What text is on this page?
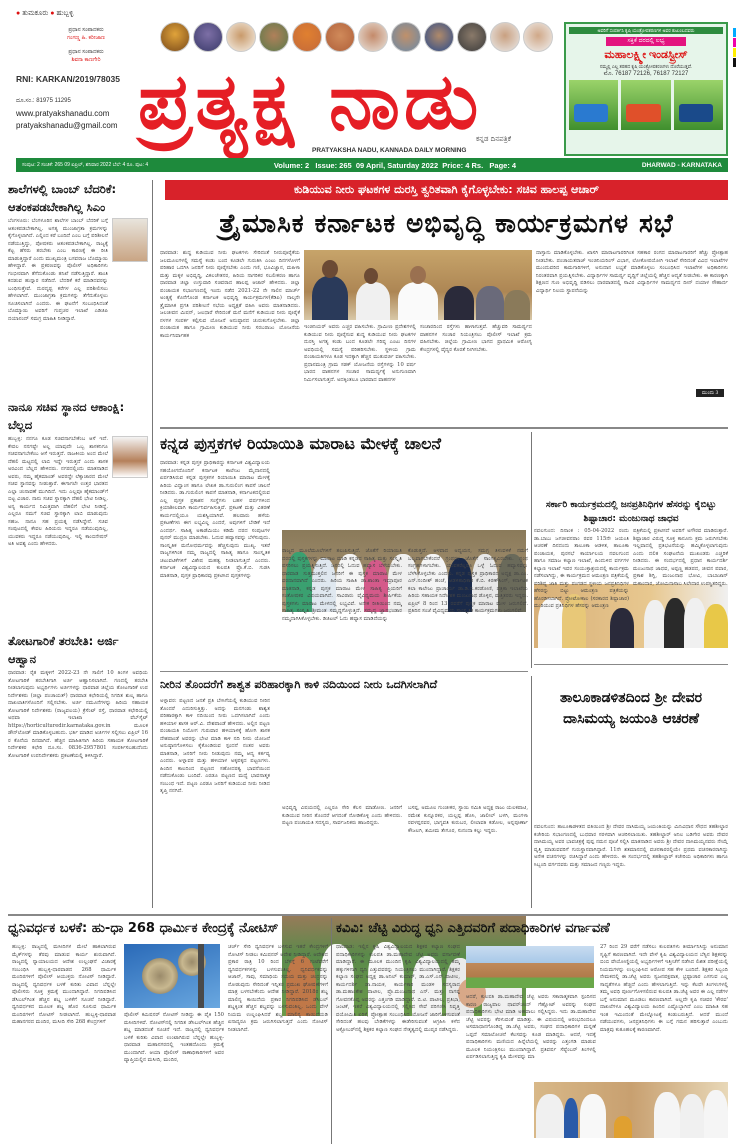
● ತುಮಕೂರು ● ಹುಬ್ಬಳ್ಳಿ
ಪ್ರಧಾನ ಸಂಪಾದಕರು
ಗಂಗಣ್ಣ ಹಿ. ಕರೀಜಾಣ
ಪ್ರಧಾನ ಸಂಪಾದಕರು
ಶಿವನಾ ಕಾಣಗೇರಿ
RNI: KARKAN/2019/78035
ದೂ.ಸಂ.: 81975 11295
www.pratyakshanadu.com
pratyakshanadu@gmail.com ಪ್ರತ್ಯಕ್ಷ ನಾಡು
ಕನ್ನಡ ದಿನಪತ್ರಿಕೆ
PRATYAKSHA NADU, KANNADA DAILY MORNING
ಅವರಿಗೆ ಸಂಪರ್ಕಿಸಿ ಕೃಷಿ ಯಂತ್ರೋಪಕರಣಗಳ ಅವರ ಕುಟುಂಬದವರು
ಸಕ್ತಿಕೆ ದರದಲ್ಲಿ ಲಭ್ಯ
ಮಹಾಲಕ್ಷ್ಮೀ ಇಂಡಸ್ಟ್ರೀಸ್
ನಮ್ಮಲ್ಲಿ ಎಲ್ಲ ತರಹದ ಕೃಷಿ ಯಂತ್ರೋಪಕರಣಗಳು ದೊರೆಯುತ್ತವೆ.
ಮೊ. 76187 72126, 76187 72127
ಸಂಪುಟ: 2 ಸಂಚಿಕೆ: 265 09 ಏಪ್ರಿಲ್, ಶನಿವಾರ 2022 ಬೆಲೆ: 4 ರೂ. ಪುಟ: 4	Volume: 2 Issue: 265 09 April, Saturday 2022 Price: 4 Rs. Page: 4	DHARWAD - KARNATAKA
ಶಾಲೆಗಳಲ್ಲಿ ಬಾಂಬ್ ಬೆದರಿಕೆ: ಆತಂಕಪಡಬೇಕಾಗಿಲ್ಲ ಸಿಎಂ
ಬೆಂಗಳೂರು: ಬೆಂಗಳೂರಿನ ಶಾಲೆಗಳ ಬಾಂಬ್ ಬೆದರಿಕೆ ಬಗ್ಗೆ ಆತಂಕಪಡಬೇಕಾಗಿಲ್ಲ. ಅಗತ್ಯ ಮುಂಜಾಗ್ರತಾ ಕ್ರಮಗಳನ್ನು ಕೈಗೊಳ್ಳಲಾಗಿದೆ. ಎಲ್ಲಿಂದ ಕರೆ ಬಂದಿದೆ ಎಂಬ ಬಗ್ಗೆ ಪರಿಶೀಲನೆ ನಡೆಯುತ್ತಿದ್ದು, ಪೋಷಕರು ಆತಂಕಪಡಬೇಕಾಗಿಲ್ಲ. ರಾಜ್ಯಕ್ಕೆ ಕೆಟ್ಟ ಹೆಸರು ತರಬೇಕು ಎಂಬ ಕಾರಣಕ್ಕೆ ಈ ರೀತಿ ಮಾಡುತ್ತಿದ್ದಾರೆ ಎಂದು ಮುಖ್ಯಮಂತ್ರಿ ಬಸವರಾಜ ಬೊಮ್ಮಾಯಿ ಹೇಳಿದ್ದಾರೆ. ಈ ಪ್ರಕರಣವನ್ನು ಪೊಲೀಸ್ ಅಧಿಕಾರಿಗಳು ಗಂಭೀರವಾಗಿ ತೆಗೆದುಕೊಂಡು ತನಿಖೆ ನಡೆಸುತ್ತಿದ್ದಾರೆ. ಶಾಂತಿ ಕದಡುವ ಹುನ್ನಾರ ನಡೆದಿದೆ. ಬೆದರಿಕೆ ಕರೆ ಮಾಡಿದವರನ್ನು ಬಂಧಿಸುತ್ತೇವೆ. ದುರದೃಷ್ಟ ಕರೆಗಳ ಎಲ್ಲ ಪರಿಶೀಲಿಸಲು ಹೇಳಲಾಗಿದೆ. ಮುಂಜಾಗ್ರತಾ ಕ್ರಮಗಳನ್ನು ತೆಗೆದುಕೊಳ್ಳಲು ಸೂಚಿಸಲಾಗಿದೆ ಎಂದರು. ಈ ಘಟನೆಗೆ ಸಂಬಂಧಿಸಿದಂತೆ ಬೊಮ್ಮಾಯಿ ಅವರಿಗೆ ಗುಪ್ತಚರ ಇಲಾಖೆ ಎಡಿಜಿಪಿ ದಯಾನಂದ್ ಸಮಗ್ರ ಮಾಹಿತಿ ನೀಡಿದ್ದಾರೆ.
ನಾನೂ ಸಚಿವ ಸ್ಥಾನದ ಆಕಾಂಕ್ಷಿ: ಬೆಲ್ಲದ
ಹುಬ್ಬಳ್ಳಿ: ನನಗೂ ಕೂಡ ಸಚಿವನಾಗಬೇಕೆಂಬ ಆಸೆ ಇದೆ. ಕೇವಲ ನನಗಷ್ಟೇ ಅಲ್ಲ ಯಾವುದೇ ಒಬ್ಬ ಶಾಸಕನಿಗೂ ಸಚಿವನಾಗಬೇಕೆಂಬ ಆಸೆ ಇರುತ್ತದೆ. ರಾಜಕೀಯ ಅಂದ ಮೇಲೆ ದೆಹಲಿ ಮಟ್ಟದಲ್ಲಿ ಲಾಬಿ ಇದ್ದೇ ಇರುತ್ತದೆ ಎಂದು ಶಾಸಕ ಅರವಿಂದ ಬೆಲ್ಲದ ಹೇಳಿದರು. ನಗರದಲ್ಲಿಂದು ಮಾತನಾಡಿದ ಅವರು, ನಮ್ಮ ಹೈಕಮಾಂಡ್ ಅವರದ್ದೇ ಲೆಕ್ಕಾಚಾರದ ಮೇಲೆ ಸಚಿವ ಸ್ಥಾನವನ್ನು ನೀಡುತ್ತಾರೆ. ಈಗಾಗಲೇ ಉತ್ತರ ಭಾರತದ ಎಲ್ಲಾ ಚುನಾವಣೆ ಮುಗಿದಿದೆ. ಇದು ಎಲ್ಲವೂ ಹೈಕಮಾಂಡ್‌ಗೆ ಬಿಟ್ಟ ವಿಚಾರ. ನಾನು ಸಚಿವ ಸ್ಥಾನಕ್ಕಾಗಿ ದೆಹಲಿ ಭೇಟಿ ನೀಡಿಲ್ಲ. ಅನ್ಯ ಕಾರ್ಯದ ನಿಮಿತ್ತವಾಗಿ ದೆಹಲಿಗೆ ಭೇಟಿ ನೀಡಿದ್ದೆ. ಎಲ್ಲರೂ ನಮಗೆ ಸಚಿವ ಸ್ಥಾನಕ್ಕಾಗಿ ಲಾಬಿ ಮಾಡುವುದು ಸಹಜ. ನಾನೂ ಸಹ ಪ್ರಯತ್ನ ನಡೆಸಿದ್ದೇನೆ. ಸಚಿವ ಸಂಪುಟದಲ್ಲಿ ಕೇವಲ ಹಿರಿಯರು ಇದ್ದರೂ ನಡೆಯುವುದಿಲ್ಲ, ಯುವಕರು ಇದ್ದರೂ ನಡೆಯುವುದಿಲ್ಲ. ಇಲ್ಲಿ ಕಾಂಬಿನೇಷನ್ ಅತಿ ಅವಶ್ಯ ಎಂದು ಹೇಳಿದರು.
ತೋಟಗಾರಿಕೆ ತರಬೇತಿ: ಅರ್ಜಿ ಆಹ್ವಾನ
ಧಾರವಾಡ: ರೈತ ಮಕ್ಕಳಿಗೆ 2022-23 ನೇ ಸಾಲಿಗೆ 10 ತಿಂಗಳ ಅವಧಿಯ ತೋಟಗಾರಿಕೆ ತರಬೇತಿಗಾಗಿ ಅರ್ಜಿ ಆಹ್ವಾನಿಸಲಾಗಿದೆ. ಗಣದಲ್ಲಿ ತರಬೇತಿ ನೀಡಲಾಗುವುದು ಅಭ್ಯರ್ಥಿಗಳು ಅರ್ಜಿಗಳನ್ನು ಧಾರವಾಡ ಜಿಲ್ಲೆಯ ತೋಟಗಾರಿಕೆ ಉಪ ನಿರ್ದೇಶಕರು (ಜಿಲ್ಲಾ ಪಂಚಾಯತ್) ಧಾರವಾಡ ಕಛೇರಿಯಲ್ಲಿ ನಿಗದಿತ ಶುಲ್ಕ ಹಾಗೂ ದಾಖಲಾತಿಗಳೊಂದಿಗೆ ಸಲ್ಲಿಸಬೇಕು. ಅರ್ಜಿ ನಮೂನೆಗಳನ್ನು ಹಿರಿಯ ಸಹಾಯಕ ತೋಟಗಾರಿಕೆ ನಿರ್ದೇಶಕರು (ರಾಜ್ಯವಲಯ) ಕ್ರೆಸೆಂಟ್ ರಸ್ತೆ, ಧಾರವಾಡ ಕಛೇರಿಯಲ್ಲಿ ಅಥವಾ ಇಲಾಖಾ ವೆಬ್‌ಸೈಟ್ https://horticulturedir.karnataka.gov.in ಮೂಲಕ ಡೌನ್‌ಲೋಡ್ ಮಾಡಿಕೊಳ್ಳಬಹುದು. ಭರ್ತಿ ಮಾಡಿದ ಅರ್ಜಿಗಳ ಸಲ್ಲಿಸಲು ಏಪ್ರಿಲ್ 16 ರ ಕೊನೆಯ ದಿನವಾಗಿದೆ. ಹೆಚ್ಚಿನ ಮಾಹಿತಿಗಾಗಿ ಹಿರಿಯ ಸಹಾಯಕ ತೋಟಗಾರಿಕೆ ನಿರ್ದೇಶಕರ ಕಛೇರಿ ದೂ.ಸಂ. 0836-2957801 ಸಂಪರ್ಕಿಸಬಹುದೆಂದು ತೋಟಗಾರಿಕೆ ಉಪನಿರ್ದೇಶಕರು ಪ್ರಕಟಣೆಯಲ್ಲಿ ತಿಳಿಸಿದ್ದಾರೆ.
ಕುಡಿಯುವ ನೀರು ಘಟಕಗಳ ದುರಸ್ತಿ ತ್ವರಿತವಾಗಿ ಕೈಗೊಳ್ಳಬೇಕು: ಸಚಿವ ಹಾಲಪ್ಪ ಆಚಾರ್
ತ್ರೈಮಾಸಿಕ ಕರ್ನಾಟಕ ಅಭಿವೃದ್ಧಿ ಕಾರ್ಯಕ್ರಮಗಳ ಸಭೆ
ಧಾರವಾಡ: ಶುದ್ಧ ಕುಡಿಯುವ ನೀರು ಘಟಕಗಳು ಸೇರಿದಂತೆ ನೀರುಪೂರೈಕೆಯ ಜಲಮೂಲಗಳಲ್ಲಿ ಸಮಸ್ಯೆ ಕಂಡು ಬಂದ ಕೂಡಲೇ ಗುರುತಿಸಿ ಎಂಟು ದಿನಗಳೊಳಗೆ ಪರಿಹಾರ ಒದಗಿಸಿ ಜನರಿಗೆ ನೀರು ಪೂರೈಸಬೇಕು ಎಂದು ಗಣಿ, ಭೂವಿಜ್ಞಾನ, ಮಹಿಳಾ ಮತ್ತು ಮಕ್ಕಳ ಅಭಿವೃದ್ಧಿ, ವಿಕಲಚೇತನರ, ಹಿರಿಯ ನಾಗರಿಕರ ಸಬಲೀಕರಣ ಹಾಗೂ ಧಾರವಾಡ ಜಿಲ್ಲಾ ಉಸ್ತುವಾರಿ ಸಚಿವರಾದ ಹಾಲಪ್ಪ ಆಚಾರ್ ಹೇಳಿದರು. ಜಿಲ್ಲಾ ಪಂಚಾಯತ ಸಭಾಂಗಣದಲ್ಲಿ ಇಂದು ನಡೆದ 2021-22 ನೇ ಸಾಲಿನ ಮಾರ್ಚ್ ಅಂತ್ಯಕ್ಕೆ ಕೊನೆಗೊಂಡ ಕರ್ನಾಟಕ ಅಭಿವೃದ್ಧಿ ಕಾರ್ಯಕ್ರಮಗಳ(ಕೆಡಿಪಿ) ನಾಲ್ಕನೇ ತ್ರೈಮಾಸಿಕ ಪ್ರಗತಿ ಪರಿಶೀಲನೆ ಸಭೆಯ ಅಧ್ಯಕ್ಷತೆ ವಹಿಸಿ ಅವರು ಮಾತನಾಡಿದರು. ಜಲಜೀವನ ಮಿಷನ್, ಜಲಧಾರೆ ಸೇರಿದಂತೆ ಮನೆ ಮನೆಗೆ ಕುಡಿಯುವ ನೀರು ಪೂರೈಕೆ ನಳಗಳ ಸಂಪರ್ಕ ಕಲ್ಪಿಸುವ ಯೋಜನೆ ಅನುಷ್ಠಾನದ ಚುರುಕುಗೊಳ್ಳಬೇಕು. ಜಿಲ್ಲಾ ಪಂಚಾಯತ ಹಾಗೂ ಗ್ರಾಮೀಣ ಕುಡಿಯುವ ನೀರು ಸರಬರಾಜು ಯೋಜನೆಯ ಕಾರ್ಯನಿರ್ವಾಹಕ
ಇಂಜಿನಿಯರ್ ಅವರು ಎಚ್ಚರ ವಹಿಸಬೇಕು. ಗ್ರಾಮೀಣ ಪ್ರದೇಶಗಳಲ್ಲಿ ಕುಡಿಯುವ ನೀರು ಪೂರೈಸುವ ಶುದ್ಧ ಕುಡಿಯುವ ನೀರು ಘಟಕಗಳ ದುರಸ್ತಿ ಅಗತ್ಯ ಕಂಡು ಬಂದ ಕೂಡಲೇ ಗರಿಷ್ಠ ಎಂಟು ದಿನಗಳ ಅವಧಿಯಲ್ಲಿ ಸಮಸ್ಯೆ ಪರಿಹರಿಸಬೇಕು. ಸ್ಥಳೀಯ ಗ್ರಾಮ ಪಂಚಾಯತಿಗಳೂ ಕೂಡ ಇದಕ್ಕಾಗಿ ಹೆಚ್ಚಿನ ಮುತುವರ್ಜಿ ವಹಿಸಬೇಕು. ಪ್ರಧಾನಮಂತ್ರಿ ಗ್ರಾಮ ಸಡಕ್ ಯೋಜನೆಯ ರಸ್ತೆಗಳನ್ನು 10 ವರ್ಷ ಭಾರದ ವಾಹನಗಳ ಸಂಚಾರ ಸಾಮರ್ಥ್ಯಕ್ಕೆ ಅನುಗುಣವಾಗಿ ನಿರ್ಮಿಸಲಾಗುತ್ತದೆ. ಅದಕ್ಕಿಂತಲೂ ಭಾರವಾದ ವಾಹನಗಳ
ಸಂಚಾರದಿಂದ ರಸ್ತೆಗಳು ಹಾಳಾಗುತ್ತವೆ. ಹೆಚ್ಚುವರಿ ಸಾಮರ್ಥ್ಯದ ವಾಹನಗಳ ಸಂಚಾರ ನಿಯಂತ್ರಿಸಲು ಪೊಲೀಸ್ ಇಲಾಖೆ ಕ್ರಮ ವಹಿಸಬೇಕು. ಜಿಲ್ಲೆಯ ಗ್ರಾಮೀಣ ಭಾಗದ ಪ್ರಾಥಮಿಕ ಆರೋಗ್ಯ ಕೇಂದ್ರಗಳಲ್ಲಿ ವೈದ್ಯರ ಕೊರತೆ ನೀಗಿಸಬೇಕು.
ದಾಸ್ತಾನು ಮಾಡಿಕೊಳ್ಳಬೇಕು. ಖಾಸಗಿ ಮಾರಾಟಗಾರರಿಗಿಂತ ಸಹಕಾರ ರಂಗದ ಮಾರಾಟಗಾರರಿಗೆ ಹೆಚ್ಚು ಪ್ರೋತ್ಸಾಹ ನೀಡಬೇಕು. ಪಂಚಾಯತರಾಜ್ ಇಂಜಿನಿಯರಿಂಗ್ ವಿಭಾಗ, ಲೋಕೋಪಯೋಗಿ ಇಲಾಖೆ ಸೇರಿದಂತೆ ವಿವಿಧ ಇಲಾಖೆಗಳ ಮುಂದುವರಿದ ಕಾಮಗಾರಿಗಳಿಗೆ, ಅನುದಾನ ಲಭ್ಯತೆ ಮಾಡಿಕೊಳ್ಳಲು ಸಂಬಂಧಿಸಿದ ಇಲಾಖೆಗಳ ಅಧಿಕಾರಿಗಳು ನಿರಂತರವಾಗಿ ಪ್ರಯತ್ನಿಸಬೇಕು. ವಿದ್ಯಾರ್ಥಿಗಳ ಸಾಮರ್ಥ್ಯ ವೃದ್ಧಿಗೆ ಜಿಲ್ಲೆಯಲ್ಲಿ ಹೆಚ್ಚಿನ ಆದ್ಯತೆ ನೀಡಬೇಕು. ಈ ಕಾರಣಕ್ಕಾಗಿ ಶಿಕ್ಷಣದ ಗುಣ ಅಭಿವೃದ್ಧಿ ಪಡಿಸಲು ಧಾರವಾಡದಲ್ಲಿ ಸಾವಿರ ವಿದ್ಯಾರ್ಥಿಗಳ ಸಾಮರ್ಥ್ಯದ ದೀನ್ ದಯಾಳ ಸೌಹಾರ್ದ ವಿದ್ಯಾರ್ಥಿ ನಿಲಯ ಸ್ಥಾಪನೆಯನ್ನು
ಮುಂದು 3
ಕನ್ನಡ ಪುಸ್ತಕಗಳ ರಿಯಾಯಿತಿ ಮಾರಾಟ ಮೇಳಕ್ಕೆ ಚಾಲನೆ
ಧಾರವಾಡ: ಕನ್ನಡ ಪುಸ್ತಕ ಪ್ರಾಧಿಕಾರದ್ದು ಕರ್ನಾಟಕ ವಿಶ್ವವಿದ್ಯಾಲಯ ಸಹಯೋಗದೊಂದಿಗೆ ಕರ್ನಾಟಕ ಕಾಲೇಜು ಮೈದಾನದಲ್ಲಿ ಏರ್ಪಡಿಸಿರುವ ಕನ್ನಡ ಪುಸ್ತಕಗಳ ರಿಯಾಯಿತಿ ಮಾರಾಟ ಮೇಳಕ್ಕೆ ಹಿರಿಯ ವಿದ್ವಾಂಸ ಹಾಗೂ ಲೇಖಕ ಡಾ.ಗುರುಲಿಂಗ ಕಾಪಸೆ ಚಾಲನೆ ನೀಡಿದರು. ಡಾ.ಗುರುಲಿಂಗ ಕಾಪಸೆ ಮಾತನಾಡಿ, ಕರ್ನಾಟಕದಲ್ಲಿರುವ ಎಲ್ಲ ಪುಸ್ತಕ ಪ್ರಕಾಶನ ಸಂಸ್ಥೆಗಳು ಬಹಳ ವರ್ಷಗಳಿಂದ ಕ್ರಿಯಾಶೀಲವಾಗಿ ಕಾರ್ಯನಿರ್ವಹಿಸುತ್ತಿವೆ. ಪ್ರಕಟಣೆ ಮತ್ತು ವಿತರಣೆ ಕಾರ್ಯದಲ್ಲಿಯೂ ಯಶಸ್ವಿಯಾಗಿವೆ. ಹಲವಾರು ಹಳೆಯ ಪ್ರಕಟಣೆಗಳು ಈಗ ಲಭ್ಯವಿಲ್ಲ ಎಂದರೆ, ಅವುಗಳಿಗೆ ಬೇಡಿಕೆ ಇದೆ ಎಂದರ್ಥ. ಸಾಹಿತ್ಯ ಅಕಾಡೆಮಿಯು ಕಡಿಮೆ ದರದ ಸಂಪುಟಗಳ ಪುನರ್ ಮುದ್ರಣ ಮಾಡಬೇಕು. ಓದುವ ಹವ್ಯಾಸವನ್ನು ಬೆಳೆಸುವುದು. ಸಾಂಸ್ಕೃತಿಕ ಮನೋಧರ್ಮವನ್ನು ಹೆಚ್ಚಿಸುವುದು ಮುಖ್ಯ. ಇತರೆ ರಾಜ್ಯಗಳಿಗಿಂತ ನಮ್ಮ ರಾಜ್ಯದಲ್ಲಿ ಸಾಹಿತ್ಯ ಹಾಗೂ ಸಾಂಸ್ಕೃತಿಕ ಚಟುವಟಿಕೆಗಳಿಗೆ ವಿಶೇಷ ಮಹತ್ವ ನೀಡಲಾಗುತ್ತಿದೆ ಎಂದರು. ಕರ್ನಾಟಕ ವಿಶ್ವವಿದ್ಯಾಲಯದ ಕುಲಪತಿ ಪ್ರೊ.ಕೆ.ಬಿ. ಗುಡಸಿ ಮಾತನಾಡಿ, ಪುಸ್ತಕ ಪ್ರಾಧಿಕಾರವು ಪ್ರಕಟಿಸಿದ ಪುಸ್ತಕಗಳನ್ನು
ರಾಜ್ಯದ ಮೂಲೆಮೂಲೆಗಳಿಗೆ ತಲುಪಿಸುತ್ತಿದೆ. ಜೊತೆಗೆ ರಿಯಾಯಿತಿ ದರದಲ್ಲಿ ಪುಸ್ತಕಗಳನ್ನು ಮಾರಾಟ ಮಾಡಿ ಕನ್ನಡದ ಸಾಹಿತ್ಯ ಮತ್ತು ಸಂಸ್ಕೃತಿ ಪಸರಿಸಲು ಪ್ರಯತ್ನಿಸುತ್ತಿದೆ. ಜನರಲ್ಲಿ ಓದುವ ಹವ್ಯಾಸ ಬೆಳೆಯಬೇಕು. ಧಾರವಾಡ ಸುತ್ತಮುತ್ತಲಿನ ಜನರಿಗೆ ಈ ಪುಸ್ತಕ ಮಾರಾಟ ಮೇಳ ವರದಾನವಾಗಿದೆ ಎಂದರು. ಹಿರಿಯ ಸಾಹಿತಿ ಡಾ.ಶಾಂತಾ ಇಮ್ರಾಪೂರ ಮಾತನಾಡಿ, ಕನ್ನಡ ಪುಸ್ತಕ ಮಾರಾಟ ಮೇಳ ಸಾಹಿತ್ಯ ಪ್ರಿಯರಿಗೆ ಸಂತೋಷಕರ ವಿಷಯವಾಗಿದೆ. ಸಾವಿರಾರು ವೈವಿಧ್ಯಮಯ ಶೀರ್ಷಿಕೆಯ ಪುಸ್ತಕಗಳು ಮಾರಾಟ ಮೇಳದಲ್ಲಿ ಲಭ್ಯವಿವೆ. ಅನೇಕ ರೀತಿಯಿಂದ ನಮ್ಮ ಸಾಹಿತ್ಯ ಸಂಸ್ಕೃತಿ ಶ್ರೀಮಂತ ಸಮೃದ್ಧಗೊಳ್ಳುತ್ತಿದೆ. ಸಮೃದ್ಧ ಜ್ಞಾನಭಂಡಾರ ನಮ್ಮದಾಗಿಸಿಕೊಳ್ಳಬೇಕು. ಡಿಜಿಟಲ್ ಓದು ಹವ್ಯಾಸ ಮಾಡಿದೆಯನ್ನು
ಕೊಡುತ್ತದೆ. ಆಳವಾದ ಅಧ್ಯಯನ, ಸಮಗ್ರ ತಿಳುವಳಿಕೆ ನಮಗೆ ಬಲ್ಯವಾಗಬೇಕೆಂದರೆ ಗ್ರಂಥಗಳ ಜೊತೆಗೆ ಸಾಂಗತ್ಯವಿರಬೇಕು. ಗ್ರಂಥ ಸಂಗ್ರಹಗಳಾಗಬೇಕು. ಯುವಕರೆಲ್ಲರೂ ಒಳ್ಳೆ ಓದುವ ಹವ್ಯಾಸವನ್ನು ಬೆಳೆಸಿಕೊಳ್ಳಬೇಕು ಎಂದರು. ಕನ್ನಡ ಪುಸ್ತಕ ಪ್ರಾಧಿಕಾರದ ಅಧ್ಯಕ್ಷ ಡಾ.ಎಂ. ಎನ್.ನಂದೀಶ್ ಹಂಚೆ, ಆಡಳಿತಾಧಿಕಾರಿ ಕೆ.ಬಿ. ಕಿರಣ್‌ಸಿಂಗ್, ಕರ್ನಾಟಕ ಕಲಾ ಕಾಲೇಜು ಪ್ರಾಚಾರ್ಯ ಡಾ.ಡಿ.ಬಿ.ಕರಡೋಣಿ, ಪತ್ರಿಕಾ ಇಲಾಖೆಯ ಹಿರಿಯ ಸಹಾಯಕ ನಿರ್ದೇಶಕ ಮಂಜುನಾಥ ಡೊಳ್ಳಿನ, ಮತ್ತಿತರರು ಇದ್ದರು. ಏಪ್ರಿಲ್ 8 ರಿಂದ 13 ರವರೆಗೆ ಪುಸ್ತಕ ಮಾರಾಟ ಮೇಳ ಜರುಗಲಿದೆ. ಪ್ರತಿದಿನ ಸಂಜೆ ವೈವಿಧ್ಯಮಯ ಸಾಂಸ್ಕೃತಿಕ ಕಾರ್ಯಕ್ರಮಗಳು ಜರುಗಲಿವೆ.
ಸರ್ಕಾರಿ ಕಾರ್ಯಕ್ರಮದಲ್ಲಿ ಜನಪ್ರತಿನಿಧಿಗಳ ಹೆಸರನ್ನು ಕೈಬಿಟ್ಟು ಶಿಷ್ಟಾಚಾರ: ಮಂಜುನಾಥ ಜಾಧವ
ನವಲಗುಂದ: ದಿನಾಂಕ : 05-04-2022 ರಂದು ಡಾ.ಬಾಬು ಜಗಜೀವನರಾಂ ರವರ 115ನೇ ಜಯಂತಿ ಆಚರಣೆ ದಿನದಂದು ತಾಲೂಕಾ ಆಡಳಿತ, ತಾಲೂಕಾ ಪಂಚಾಯತ, ಪುರಸಭೆ ಕಾರ್ಯಾಲಯ ನವಲಗುಂದ ಹಾಗೂ ಸಮಾಜ ಕಲ್ಯಾಣ ಇಲಾಖೆ, ಹಿಂದುಳಿದ ವರ್ಗಗಳ ಕಲ್ಯಾಣ ಇಲಾಖೆ ಇವರ ಸಂಯುಕ್ತಾಶ್ರಯದಲ್ಲಿ ಕಾರ್ಯಕ್ರಮ ನಡೆಸಲಾಗಿದ್ದು, ಈ ಕಾರ್ಯಕ್ರಮದ ಆಮಂತ್ರಣ ಪತ್ರಿಕೆಯಲ್ಲಿ ಪರಿಶಿಷ್ಟ ಜಾತಿ ಮತ್ತು ಪಂಗಡದ ಸ್ಥಳೀಯ ಜನಪ್ರತಿನಿಧಿಗಳ ಹೆಸರನ್ನು ಬಿಟ್ಟು ಆಮಂತ್ರಣ ಪತ್ರಿಕೆಯನ್ನು ಹೊರಡಿಸಲಾಗಿದೆ. ಪ್ರೋಟೋಕಾಲ (ಸರಕಾರದ ಶಿಷ್ಟಾಚಾರ) ಮುರಿಯುವ ಪ್ರತಿನಿಧಿಗಳ ಹೆಸರನ್ನು ಆಮಂತ್ರಣ
ಪತ್ರಿಕೆಯಲ್ಲಿ ಪ್ರಕಟಿಸದೆ ಅವರಿಗೆ ಅಗೌರವ ಮಾಡಿರುತ್ತಾರೆ. ಶಿಷ್ಟಾಚಾರ ವಿರುದ್ಧ ಸೂಕ್ತ ಕಾನೂನು ಕ್ರಮ ಜರುಗಿಸಬೇಕು ಇಲ್ಲವಾದಲ್ಲಿ ಪ್ರತಿಭಟನೆಯನ್ನು ಹಮ್ಮಿಕೊಳ್ಳಲಾಗುವುದು ಎಂದು ದಲಿತ ಸಂಘಟನೆಯ ಮುಖಂಡರು ಎಚ್ಚರಿಕೆ ನೀಡಿದರು. ಈ ಸಂದರ್ಭದಲ್ಲಿ ಪ್ರಧಾನ ಕಾರ್ಯದರ್ಶಿ ಮಂಜುನಾಥ ಜಾಧವ, ಅಪ್ಪಣ್ಣ ಹಡಪದ, ಜೀವನ ಪವಾರ, ಪ್ರಕಾಶ ಶಿಗ್ಲಿ, ಮಂಜುನಾಥ ಭೋವಿ, ಬಾಬಾಜಾನ್ ಮಕಾಂದಾರ, ಜೋಮಿನಾಸಾಬ ಸಿಲೇದಾರ ಉಪಸ್ಥಿತರಿದ್ದರು.
ನೀರಿನ ತೊಂದರೆಗೆ ಶಾಶ್ವತ ಪರಿಹಾರಕ್ಕಾಗಿ ಕಾಳಿ ನದಿಯಿಂದ ನೀರು ಒದಗಿಸಲಾಗಿದೆ
ಅಳ್ನಾವರ: ಪಟ್ಟಣದ ಜನತೆ ಪ್ರತಿ ಬೇಸಿಗೆಯಲ್ಲಿ ಕುಡಿಯುವ ನೀರಿನ ತೊಂದರೆ ಎದುರಿಸುತ್ತಿತ್ತು. ಅದನ್ನು ಮನಗಂಡು ಶಾಶ್ವತ ಪರಿಹಾರಕ್ಕಾಗಿ ಕಾಳಿ ನದಿಯಿಂದ ನೀರು ಒದಗಿಸಲಾಗಿದೆ ಎಂದು ಹಳಿಯಾಳ ಶಾಸಕ ಆರ್.ವಿ. ದೇಶಪಾಂಡೆ ಹೇಳಿದರು. ಅಲ್ಲಿನ ಪಟ್ಟಣ ಪಂಚಾಯತಿ ನಿಯೋಗ ಗುರುವಾರ ಹಳಿಯಾಳಕ್ಕೆ ಹೋಗಿ ಶಾಸಕ ದೇಶಪಾಂಡೆ ಅವರನ್ನು ಭೇಟಿ ಮಾಡಿ ಕಾಳಿ ನದಿ ನೀರು ಯೋಜನೆ ಅನುಷ್ಠಾನಗೊಳಿಸಲು ಕೈಕೊಂಡಿರುವ ಸ್ಪಂದನೆ ನಂತರ ಅವರು ಮಾತನಾಡಿ, ಜನರಿಗೆ ನೀರು ನೀಡುವುದು ನಮ್ಮ ಆದ್ಯ ಕರ್ತವ್ಯ ಎಂದರು. ಅಳ್ನಾವರ ಮತ್ತು ಹಳಿಯಾಳ ಅಕ್ಕಪಕ್ಕದ ಪಟ್ಟಣಗಳು. ಹಿಂದಿನ ಕಾಲದಿಂದ ಪಟ್ಟಣದ ಸಹೋದರತ್ವ ಭಾವನೆಯಿಂದ ನಡೆದುಕೊಂಡು ಬಂದಿವೆ. ಎರಡೂ ಪಟ್ಟಣದ ಮಧ್ಯೆ ಭಾವನಾತ್ಮಕ ಸಂಬಂಧ ಇದೆ. ಪಟ್ಟಣ ಎರಡೂ ಜನರಿಗೆ ಕುಡಿಯುವ ನೀರು ನೀಡಿದ ತೃಪ್ತಿ ನನಗಿದೆ.
ಅಭಿವೃದ್ಧಿ ವಿಷಯದಲ್ಲಿ ಎಲ್ಲರೂ ಸೇರಿ ಕೆಲಸ ಮಾಡೋಣ. ಜನರಿಗೆ ಕುಡಿಯುವ ನೀರಿನ ತೊಂದರೆ ಆಗದಂತೆ ನೋಡಿಕೊಳ್ಳಿ ಎಂದು ಹೇಳಿದರು. ಪಟ್ಟಣ ಪಂಚಾಯತಿ ಸದಸ್ಯರು, ಸಾರ್ವಜನಿಕರು ಹಾಜರಿದ್ದರು.
ಬಸಪ್ಪ, ಅಮೂಲ ಗುಂಜೀಕರ, ಸ್ಥಾಯಿ ಸಮಿತಿ ಅಧ್ಯಕ್ಷ ರಾಜು ಯಲಕಪಾಟಿ, ರಮೇಶ ಕುನ್ನೂರಕರ, ಯಲ್ಲಪ್ಪ ಹೊಸಿ, ಜಾಲೀಲ್ ಬಳಗಿ, ಮಂಗಳಾ ರವಳಪ್ಪನವರ, ಭಾಗ್ಯವತಿ ಕುರುಬರ, ಲೀಲಾವತಿ ಕಡೋಲ, ಅನ್ನಪೂರ್ಣಾ ಕೌಜಲಗಿ, ಶಮೀಮ ತೇಗೂರ, ಸುನಂದಾ ಕಲ್ಲು ಇದ್ದರು.
ತಾಲೂಕಾಡಳಿತದಿಂದ ಶ್ರೀ ದೇವರ ದಾಸಿಮಯ್ಯ ಜಯಂತಿ ಆಚರಣೆ
ನವಲಗುಂದ: ತಾಲೂಕಾಡಳಿತದ ವತಿಯಿಂದ ಶ್ರೀ ದೇವರ ದಾಸಿಮಯ್ಯ ಜಯಂತಿಯನ್ನು ಮಿನಿವಿಧಾನ ಸೌಧದ ತಹಶೀಲ್ದಾರ ಕಚೇರಿಯ ಸಭಾಂಗಣದಲ್ಲಿ ಬುಧವಾರ ಸರಳವಾಗಿ ಆಚರಿಸಲಾಯಿತು. ತಹಶೀಲ್ದಾರ್ ಅನಿಲ ಬಡಿಗೇರ ಅವರು ದೇವರ ದಾಸಿಮಯ್ಯ ಅವರ ಭಾವಚಿತ್ರಕ್ಕೆ ಪುಷ್ಪ ನಮನ ಪೂಜೆ ಸಲ್ಲಿಸಿ ಮಾತನಾಡಿದ ಅವರು ಶ್ರೀ ದೇವರ ದಾಸಿಮಯ್ಯನವರು ನೇಯ್ಗೆ ವೃತ್ತಿ ಮಾಡುವವರಿಗೆ ಗುರುಸ್ಥಾನವಾಗಿದ್ದಾರೆ. 11ನೇ ಶತಮಾನದಲ್ಲಿ ವಚನಕಾರರಲ್ಲಿಯೇ ಪ್ರಥಮ ವಚನಕಾರರಾಗಿದ್ದು ಅನೇಕ ವಚನಗಳನ್ನು ರಚಿಸಿದ್ದಾರೆ ಎಂದು ಹೇಳಿದರು. ಈ ಸಂದರ್ಭದಲ್ಲಿ ತಹಶೀಲ್ದಾರ್ ಕಚೇರಿಯ ಅಧಿಕಾರಿಗಳು ಹಾಗೂ ಸಿಬ್ಬಂದಿ ವರ್ಗದವರು ಮತ್ತು ಸಮಾಜದ ಗಣ್ಯರು ಇದ್ದರು.
ಧ್ವನಿವರ್ಧಕ ಬಳಕೆ: ಹು-ಧಾ 268 ಧಾರ್ಮಿಕ ಕೇಂದ್ರಕ್ಕೆ ನೋಟಿಸ್
ಹುಬ್ಬಳ್ಳಿ: ರಾಜ್ಯದಲ್ಲಿ ಮಸೀದಿಗಳ ಮೇಲೆ ಹಾಕಲಾಗಿರುವ ಮೈಕ್‌ಗಳನ್ನು ತೆರವು ಮಾಡುವ ಕಾರ್ಯ ಶುರುವಾಗಿದೆ. ರಾಜ್ಯದಲ್ಲಿ ನ್ಯಾಯಾಲಯದ ಆದೇಶ ಉಲ್ಲಂಘನೆ ವಿಚಾರಕ್ಕೆ ಸಂಬಂಧಿಸಿ ಹುಬ್ಬಳ್ಳಿ-ಧಾರವಾಡದ 268 ಧಾರ್ಮಿಕ ಮಂದಿರಗಳಿಗೆ ಪೊಲೀಸ್ ಆಯುಕ್ತರು ನೋಟಿಸ್ ನೀಡಿದ್ದಾರೆ. ರಾಜ್ಯದಲ್ಲಿ ಧ್ವನಿವರ್ಧಕ ಬಳಕೆ ಕುರಿತು ವಿವಾದ ಬೆನ್ನಲ್ಲೇ ಪೊಲೀಸರು ಸೂಕ್ತ ಕ್ರಮಕ್ಕೆ ಮುಂದಾಗಿದ್ದಾರೆ. ನಿಗದಿಪಡಿಸಿದ ಡೆಸಿಬಲ್‌ಗಿಂತ ಹೆಚ್ಚಿನ ಶಬ್ದ ಬಳಕೆಗೆ ಸೂಚನೆ ನೀಡಿದ್ದಾರೆ. ಧ್ವನಿವರ್ಧಕದ ಮೂಲಕ ಶಬ್ದ ಹೊರ ಸೂಸುವ ಧಾರ್ಮಿಕ ಮಂದಿರಗಳಿಗೆ ನೋಟಿಸ್ ನೀಡಲಾಗಿದೆ. ಹುಬ್ಬಳ್ಳಿ-ಧಾರವಾಡ ಮಹಾನಗರದ ಮಂದಿರ, ಮಸೀದಿ ಸೇರಿ 268 ಕೇಂದ್ರಗಳಿಗೆ
ಪೊಲೀಸ್ ಕಮಿಷನರ್ ನೋಟಿಸ್ ನೀಡಿದ್ದು ಈ ಪೈಕಿ 150 ಮಸೀದಿಗಳಿವೆ. ನೋಟಿಸ್‌ನಲ್ಲಿ ನಿಗದಿತ ಡೆಸಿಬಲ್‌ಗಿಂತ ಹೆಚ್ಚಿನ ಶಬ್ದ ಮಾಡದಂತೆ ಸೂಚನೆ ಇದೆ. ರಾಜ್ಯದಲ್ಲಿ ಧ್ವನಿವರ್ಧಕ ಬಳಕೆ ಕುರಿತು ವಿವಾದ ಉಂಟಾಗಿರುವ ಬೆನ್ನಲ್ಲೇ ಹುಬ್ಬಳ್ಳಿ-ಧಾರವಾಡ ಮಹಾನಗರದಲ್ಲಿ ಇಂತಹದೊಂದು ಕ್ರಮಕ್ಕೆ ಮುಂದಾಗಿದೆ. ಆಯಾ ಪೊಲೀಸ್ ಠಾಣಾಧಿಕಾರಿಗಳಿಗೆ ಅವರ ವ್ಯಾಪ್ತಿಯಲ್ಲಿನ ಮಸೀದಿ, ಮಂದಿರ,
ಚರ್ಚ್ ಸೇರಿ ಧ್ವನಿವರ್ಧಕ ಬಳಸುವ ಇತರೆ ಕೇಂದ್ರಗಳಿಗೆ ನೋಟಿಸ್ ನೀಡಲು ಕಮಿಷನರ್ ಆದೇಶ ನೀಡಿದ್ದಾರೆ. ಆದೇಶದ ಪ್ರಕಾರ ರಾತ್ರಿ 10 ರಿಂದ ಬೆಳಗ್ಗೆ 6 ಗಂಟೆವರೆಗೆ ಧ್ವನಿವರ್ಧಕಗಳನ್ನು ಬಳಸುವಂತಿಲ್ಲ. ಧ್ವನಿವರ್ಧಕವನ್ನು ಆಜಾನ್, ಸಾವು, ಸಮಾಧಿಯ ಸಮಯ ಮತ್ತು ಚಂದ್ರನನ್ನು ನೋಡುವುದು ಸೇರಿದಂತೆ ಇನ್ನಿತರ ಪ್ರಮುಖ ಘೋಷಣೆಗಳಿಗೆ ಮಾತ್ರ ಬಳಸಬೇಕೆಂದು ಆದೇಶ ನೀಡಿದ್ದಾರೆ. 2018ರ ಶಬ್ದ ಮಾಲಿನ್ಯ ಕಾಯಿದೆಯ ಪ್ರಕಾರ ನಿಗದಿಪಡಿಸಿದ ಡೆಸಿಬಲ್ ಶಬ್ದಕ್ಕಿಂತ ಹೆಚ್ಚಿನ ಶಬ್ದವನ್ನು ಬಳಸುವಂತಿಲ್ಲ. ಒಂದು ವೇಳೆ ನಿಯಮ ಉಲ್ಲಂಘಿಸಿದರೆ ಶಬ್ದ ಮಾಲಿನ್ಯ ಕಾಯಿದೆಯಡಿ ಏನಾದ್ಯರೂ ಕ್ರಮ ಜರುಗಿಸಲಾಗುತ್ತದೆ ಎಂದು ನೋಟಿಸ್ ನೀಡಲಾಗಿದೆ.
ಕವಿವಿ: ಚೆಟ್ಟಿ ವಿರುದ್ಧ ಧ್ವನಿ ಎತ್ತಿದವರಿಗೆ ಪದಾಧಿಕಾರಿಗಳ ವರ್ಗಾವಣೆ
ಧಾರವಾಡ: ಇಲ್ಲಿನ ಕೃಷಿ ವಿಶ್ವವಿದ್ಯಾಲಯದ ಶಿಕ್ಷಕರ ಕಲ್ಯಾಣ ಸಂಘದ ಪದಾಧಿಕಾರಿಗಳನ್ನು ಕುಲಪತಿ ಡಾ.ಮಹಾದೇವ ಚೆಟ್ಟಿ ಅವರು ವರ್ಗಾವಣೆ ಮಾಡಿದ್ದಾರೆ. ಈ ಮೂಲಕ ಮುಂದಿನ ಕೃಷಿ ವಿಶ್ವವಿದ್ಯಾಲಯದಲ್ಲಿ ತಮ್ಮ ಹಕ್ಕುಗಳಿಗಾಗಿ ಧ್ವನಿ ಎತ್ತುವವರನ್ನು ನಿಯಂತ್ರಿಸಲು ಮುಂದಾಗಿದ್ದಾರೆ. ಶಿಕ್ಷಕರ ಕಲ್ಯಾಣ ಸಂಘದ ಅಧ್ಯಕ್ಷ ಡಾ.ಅನಿಲ್ ಕುಮಾರ್, ಡಾ.ಎಸ್.ಎನ್.ಪಾಟೀಲ, ಕಾರ್ಯದರ್ಶಿ ಡಾ.ನಾಯಕ, ಕಾರ್ಯಕಾರಿ ಮಂಡಳಿ ಸದಸ್ಯರಾದ ಡಾ.ಮಹಾಂತೇಶ ಪಾಟೀಲ, ಪ್ರೊ.ಮಂಜುನಾಥ ಎನ್. ಮತ್ತು ನಾಗಪ್ಪ ಗೋವನಕೊಪ್ಪ ಅವರನ್ನು ಎತ್ತಂಗಡಿ ಮಾಡಿದ್ದಾರೆ. ಬಿ.ಟಿ. ಪಾಟೀಲ, ಪ್ರತಿಭಾ, ಜಂಟಿಕೆ, ಇತರೆ ವಿಶ್ವವಿದ್ಯಾಲಯದಲ್ಲಿ ಸಲ್ಲಿಸಿದ ಸೇವೆ ಪರಿಗಣಿಸಿ ನಿವೃತ್ತಿ ವಯೋಮಿತಿ ಏರಿಕೆ, ಪ್ರೋತ್ಸಾಹ ಸಂಬಂಧಿಸಿದ ಯೋಜನೆ ಜಾರಿಗೊಳಿಸುವಂತೆ ಸೇರಿದಂತೆ ಹಲವು ಬೇಡಿಕೆಗಳನ್ನು ಈಡೇರಿಸುವಂತೆ ಆಗ್ರಹಿಸಿ ಕಳೆದ ಅಕ್ಟೋಬರ್‌ನಲ್ಲಿ ಶಿಕ್ಷಕರ ಕಲ್ಯಾಣ ಸಂಘದ ನೇತೃತ್ವದಲ್ಲಿ ಮುಷ್ಕರ ನಡೆಸಿದ್ದರು.
ಆದರೆ, ಕುಲಪತಿ ಡಾ.ಮಹಾದೇವ ಚೆಟ್ಟಿ ಅವರು ಸಕಾರಾತ್ಮಕವಾಗಿ ಸ್ಪಂದಿಸದ ಕಾರಣ ರಾಜ್ಯಪಾಲ ಥಾವರ್‌ಚಂದ್ ಗೆಹ್ಲೋಟ್ ಅವರನ್ನು ಸಂಘದ ಪದಾಧಿಕಾರಿಗಳು ಭೇಟಿ ಮಾಡಿ ಅಹವಾಲು ಸಲ್ಲಿಸಿದ್ದರು. ಇದು ಡಾ.ಮಹಾದೇವ ಚೆಟ್ಟಿ ಅವರನ್ನು ಕೆರಳುವಂತೆ ಮಾಡಿತ್ತು. ಈ ವಿಷಯದಲ್ಲಿ ಆರಂಭದಿಂದಲೂ ಅಸಮಾಧಾನಗೊಂಡಿದ್ದ ಡಾ.ಚೆಟ್ಟಿ ಅವರು, ಸಂಘದ ಪದಾಧಿಕಾರಿಗಳ ಮನ್ನಣೆ ಒಪ್ಪದೆ ಸಮಾಲೋಚನೆ ಕೆಲಸವನ್ನು ಕೂಡ ಮಾಡಿದ್ದರು. ಆದರೆ, ಇದಕ್ಕೆ ಪದಾಧಿಕಾರಿಗಳು ಮಣಿಯದ ಹಿನ್ನೆಲೆಯಲ್ಲಿ ಅವರನ್ನು ಎತ್ತಂಗಡಿ ಮಾಡುವ ಮೂಲಕ ನಿಯಂತ್ರಿಸಲು ಮುಂದಾಗಿದ್ದಾರೆ. ಪ್ರತಿವರ್ಷ ಸೆಪ್ಟೆಂಬರ್ ತಿಂಗಳಲ್ಲಿ ಏರ್ಪಡಿಸಲಾಗುತ್ತಿದ್ದ ಕೃಷಿ ಮೇಳವನ್ನು ಮಾ
27 ರಿಂದ 29 ವರೆಗೆ ನಡೆಸಲು ಕುಲಪತಿಗಳು ತೀರ್ಮಾನಿಸಿದ್ದು ಅನುಮಾನ ಸೃಷ್ಟಿಗೆ ಕಾರಣವಾಗಿದೆ. ಇದೇ ವೇಳೆ ಕೃಷಿ ವಿಶ್ವವಿದ್ಯಾಲಯದ ಬೆಸ್ಟಿನ ಶಿಕ್ಷಕರನ್ನು ಬಿಂಬಿ ವೇಯೋಣ್ಡಿಯಲ್ಲಿ ಅಭ್ಯರ್ಥಿಗಳಿಗೆ ಇತ್ತೀಚೆಗೆ ನಡೆಸಿದ ಲಿಖಿತ ಪರೀಕ್ಷೆಯಲ್ಲಿ ನಿಯಮಗಳನ್ನು ಉಲ್ಲಂಘಿಸಿದ ಆರೋಪ ಸಹ ಕೇಳಿ ಬಂದಿದೆ. ಶಿಕ್ಷಕರ ಸಿಬ್ಬಂದಿ ನೇಮಕದಲ್ಲಿ ಡಾ.ಚೆಟ್ಟಿ ಅವರು ಸ್ವಜನಪಕ್ಷಪಾತ, ಭ್ರಷ್ಟಾಚಾರ ಎಸಗುವ ಎಲ್ಲ ಸಾಧ್ಯತೆಗಳೂ ಹೆಚ್ಚಿದೆ ಎಂದು ಹೇಳಲಾಗುತ್ತಿದೆ. ಇನ್ನು ಕೆಲವೇ ತಿಂಗಳುಗಳಲ್ಲಿ ತಮ್ಮ ಅವಧಿ ಪೂರ್ಣಗೊಳಿಸಲಿರುವ ಕುಲಪತಿ ಡಾ.ಚೆಟ್ಟಿ ಅವರ ಈ ಎಲ್ಲ ನಡೆಗಳ ಬಗ್ಗೆ ಅನುಮಾನ ಮೂಡಲು ಕಾರಣವಾಗಿದೆ. ಅಲ್ಲದೇ ಕೃಷಿ ಸಚಿವರ 'ಕೌರವ' ದಾಖಲೆಗಳೂ ವಿಶ್ವವಿದ್ಯಾಲಯ ಹಿಂದಿನ ಎಷ್ಟೊಬ್ಬಾಗಿದೆ ಎಂಬ ಮಾಹಿತಿ ಸಹ ಇಂತ ಇಮಿಂದಂತೆ ಮೇಲ್ನೋಟಕ್ಕೆ ಕಂಡುಬರುತ್ತಿದೆ. ಆದರೆ ಮುಂದೆ ನಡೆಯುವಗಳು, ಜನಪ್ರತಿನಿಧಿಗಳು ಈ ಬಗ್ಗೆ ಗಮನ ಹರಿಸುತ್ತಾರೆ ಎಂಬುದು ಮಾತ್ರವು ಕುತೂಹಲಕ್ಕೆ ಕಾರಣವಾಗಿದೆ.
